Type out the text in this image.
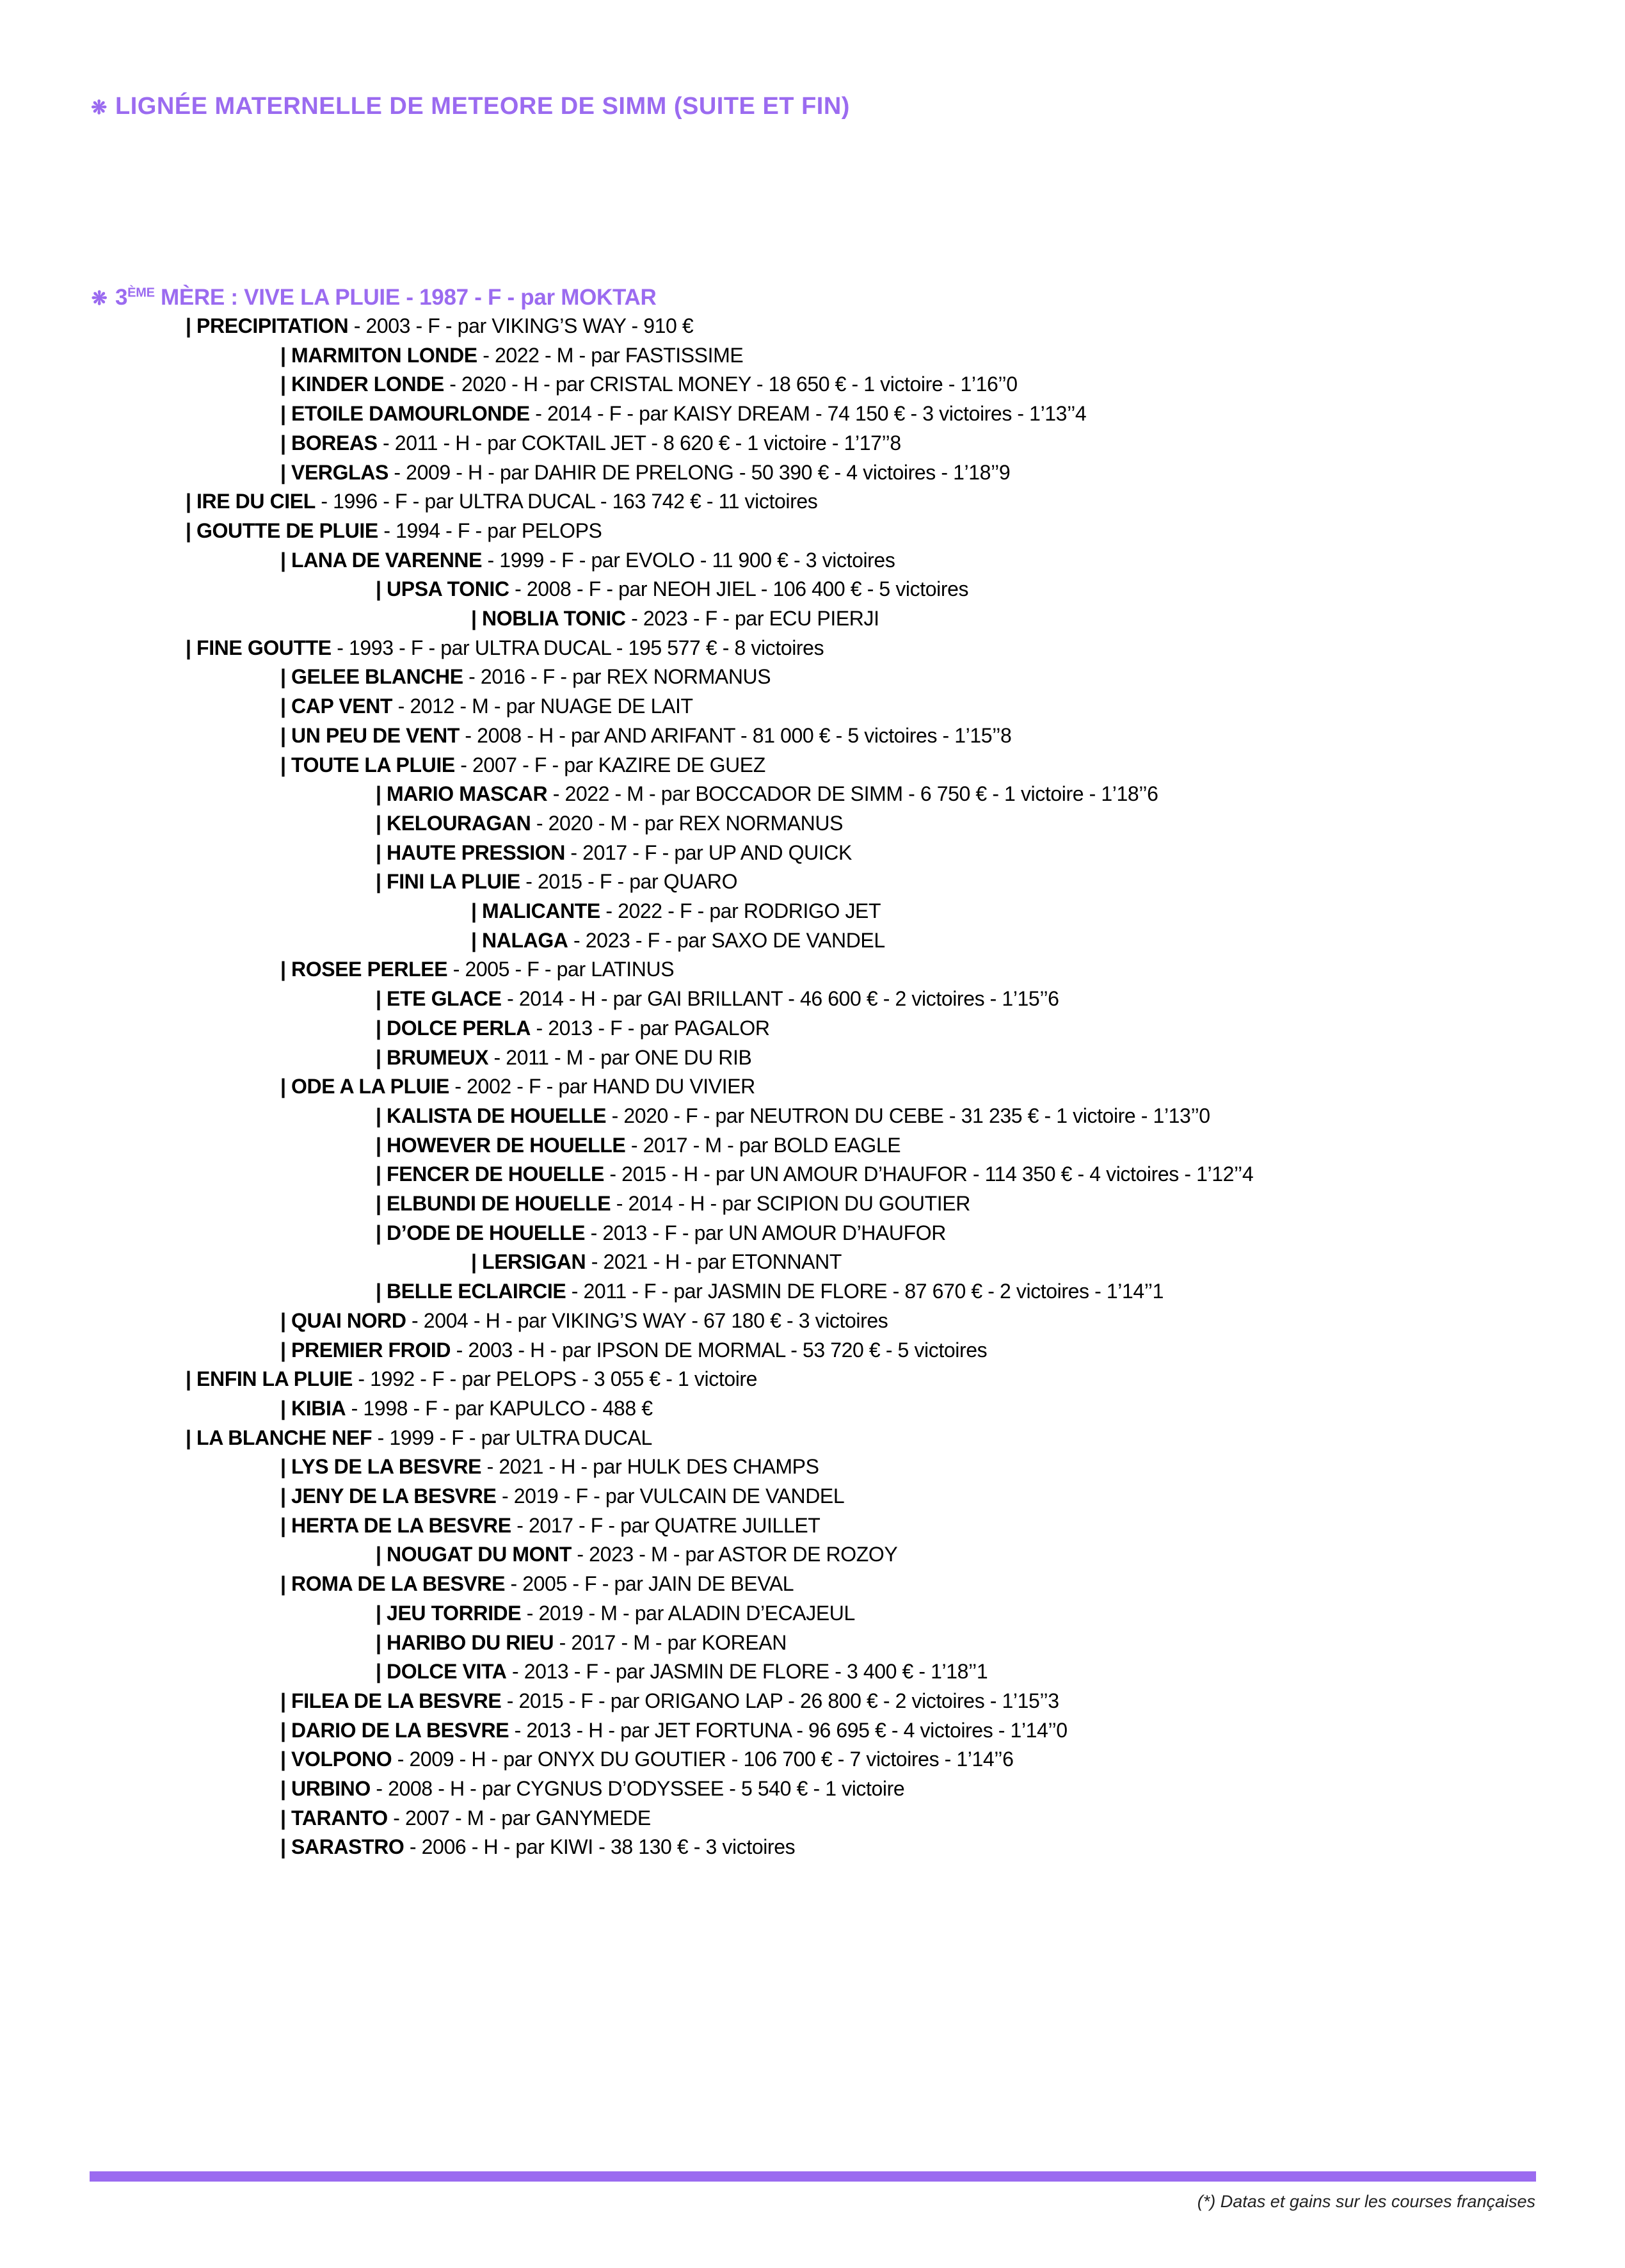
❋ LIGNÉE MATERNELLE DE METEORE DE SIMM (SUITE ET FIN)
❋ 3ÈME MÈRE : VIVE LA PLUIE - 1987 - F - par MOKTAR
| PRECIPITATION - 2003 - F - par VIKING’S WAY - 910 €
| MARMITON LONDE - 2022 - M - par FASTISSIME
| KINDER LONDE - 2020 - H - par CRISTAL MONEY - 18 650 € - 1 victoire - 1’16’’0
| ETOILE DAMOURLONDE - 2014 - F - par KAISY DREAM - 74 150 € - 3 victoires - 1’13’’4
| BOREAS - 2011 - H - par COKTAIL JET - 8 620 € - 1 victoire - 1’17’’8
| VERGLAS - 2009 - H - par DAHIR DE PRELONG - 50 390 € - 4 victoires - 1’18’’9
| IRE DU CIEL - 1996 - F - par ULTRA DUCAL - 163 742 € - 11 victoires
| GOUTTE DE PLUIE - 1994 - F - par PELOPS
| LANA DE VARENNE - 1999 - F - par EVOLO - 11 900 € - 3 victoires
| UPSA TONIC - 2008 - F - par NEOH JIEL - 106 400 € - 5 victoires
| NOBLIA TONIC - 2023 - F - par ECU PIERJI
| FINE GOUTTE - 1993 - F - par ULTRA DUCAL - 195 577 € - 8 victoires
| GELEE BLANCHE - 2016 - F - par REX NORMANUS
| CAP VENT - 2012 - M - par NUAGE DE LAIT
| UN PEU DE VENT - 2008 - H - par AND ARIFANT - 81 000 € - 5 victoires - 1’15’’8
| TOUTE LA PLUIE - 2007 - F - par KAZIRE DE GUEZ
| MARIO MASCAR - 2022 - M - par BOCCADOR DE SIMM - 6 750 € - 1 victoire - 1’18’’6
| KELOURAGAN - 2020 - M - par REX NORMANUS
| HAUTE PRESSION - 2017 - F - par UP AND QUICK
| FINI LA PLUIE - 2015 - F - par QUARO
| MALICANTE - 2022 - F - par RODRIGO JET
| NALAGA - 2023 - F - par SAXO DE VANDEL
| ROSEE PERLEE - 2005 - F - par LATINUS
| ETE GLACE - 2014 - H - par GAI BRILLANT - 46 600 € - 2 victoires - 1’15’’6
| DOLCE PERLA - 2013 - F - par PAGALOR
| BRUMEUX - 2011 - M - par ONE DU RIB
| ODE A LA PLUIE - 2002 - F - par HAND DU VIVIER
| KALISTA DE HOUELLE - 2020 - F - par NEUTRON DU CEBE - 31 235 € - 1 victoire - 1’13’’0
| HOWEVER DE HOUELLE - 2017 - M - par BOLD EAGLE
| FENCER DE HOUELLE - 2015 - H - par UN AMOUR D’HAUFOR - 114 350 € - 4 victoires - 1’12’’4
| ELBUNDI DE HOUELLE - 2014 - H - par SCIPION DU GOUTIER
| D’ODE DE HOUELLE - 2013 - F - par UN AMOUR D’HAUFOR
| LERSIGAN - 2021 - H - par ETONNANT
| BELLE ECLAIRCIE - 2011 - F - par JASMIN DE FLORE - 87 670 € - 2 victoires - 1’14’’1
| QUAI NORD - 2004 - H - par VIKING’S WAY - 67 180 € - 3 victoires
| PREMIER FROID - 2003 - H - par IPSON DE MORMAL - 53 720 € - 5 victoires
| ENFIN LA PLUIE - 1992 - F - par PELOPS - 3 055 € - 1 victoire
| KIBIA - 1998 - F - par KAPULCO - 488 €
| LA BLANCHE NEF - 1999 - F - par ULTRA DUCAL
| LYS DE LA BESVRE - 2021 - H - par HULK DES CHAMPS
| JENY DE LA BESVRE - 2019 - F - par VULCAIN DE VANDEL
| HERTA DE LA BESVRE - 2017 - F - par QUATRE JUILLET
| NOUGAT DU MONT - 2023 - M - par ASTOR DE ROZOY
| ROMA DE LA BESVRE - 2005 - F - par JAIN DE BEVAL
| JEU TORRIDE - 2019 - M - par ALADIN D’ECAJEUL
| HARIBO DU RIEU - 2017 - M - par KOREAN
| DOLCE VITA - 2013 - F - par JASMIN DE FLORE - 3 400 € - 1’18’’1
| FILEA DE LA BESVRE - 2015 - F - par ORIGANO LAP - 26 800 € - 2 victoires - 1’15’’3
| DARIO DE LA BESVRE - 2013 - H - par JET FORTUNA - 96 695 € - 4 victoires - 1’14’’0
| VOLPONO - 2009 - H - par ONYX DU GOUTIER - 106 700 € - 7 victoires - 1’14’’6
| URBINO - 2008 - H - par CYGNUS D’ODYSSEE - 5 540 € - 1 victoire
| TARANTO - 2007 - M - par GANYMEDE
| SARASTRO - 2006 - H - par KIWI - 38 130 € - 3 victoires
(*) Datas et gains sur les courses françaises
